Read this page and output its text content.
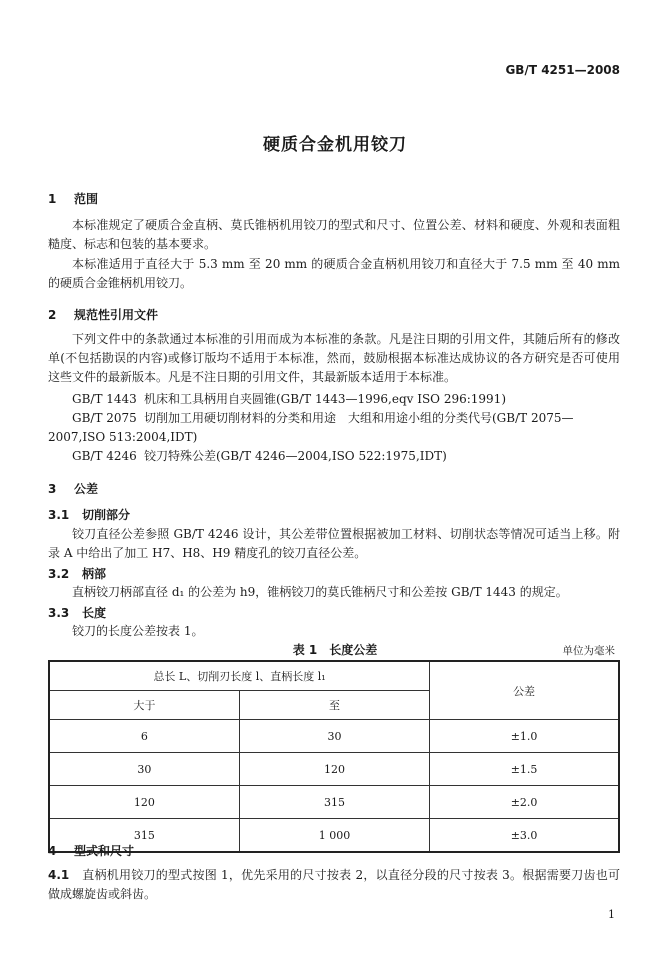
GB/T 4251—2008
硬质合金机用铰刀
1 范围
本标准规定了硬质合金直柄、莫氏锥柄机用铰刀的型式和尺寸、位置公差、材料和硬度、外观和表面粗糙度、标志和包装的基本要求。
本标准适用于直径大于 5.3 mm 至 20 mm 的硬质合金直柄机用铰刀和直径大于 7.5 mm 至 40 mm 的硬质合金锥柄机用铰刀。
2 规范性引用文件
下列文件中的条款通过本标准的引用而成为本标准的条款。凡是注日期的引用文件，其随后所有的修改单(不包括勘误的内容)或修订版均不适用于本标准，然而，鼓励根据本标准达成协议的各方研究是否可使用这些文件的最新版本。凡是不注日期的引用文件，其最新版本适用于本标准。
GB/T 1443 机床和工具柄用自夹圆锥(GB/T 1443—1996,eqv ISO 296:1991)
GB/T 2075 切削加工用硬切削材料的分类和用途　大组和用途小组的分类代号(GB/T 2075—
2007,ISO 513:2004,IDT)
GB/T 4246 铰刀特殊公差(GB/T 4246—2004,ISO 522:1975,IDT)
3 公差
3.1 切削部分
铰刀直径公差参照 GB/T 4246 设计，其公差带位置根据被加工材料、切削状态等情况可适当上移。附录 A 中给出了加工 H7、H8、H9 精度孔的铰刀直径公差。
3.2 柄部
直柄铰刀柄部直径 d₁ 的公差为 h9，锥柄铰刀的莫氏锥柄尺寸和公差按 GB/T 1443 的规定。
3.3 长度
铰刀的长度公差按表 1。
表 1　长度公差	单位为毫米
总长 L、切削刃长度 l、直柄长度 l₁		公差
大于	至	
6	30	±1.0
30	120	±1.5
120	315	±2.0
315	1 000	±3.0
4 型式和尺寸
4.1 直柄机用铰刀的型式按图 1，优先采用的尺寸按表 2，以直径分段的尺寸按表 3。根据需要刀齿也可做成螺旋齿或斜齿。
1
